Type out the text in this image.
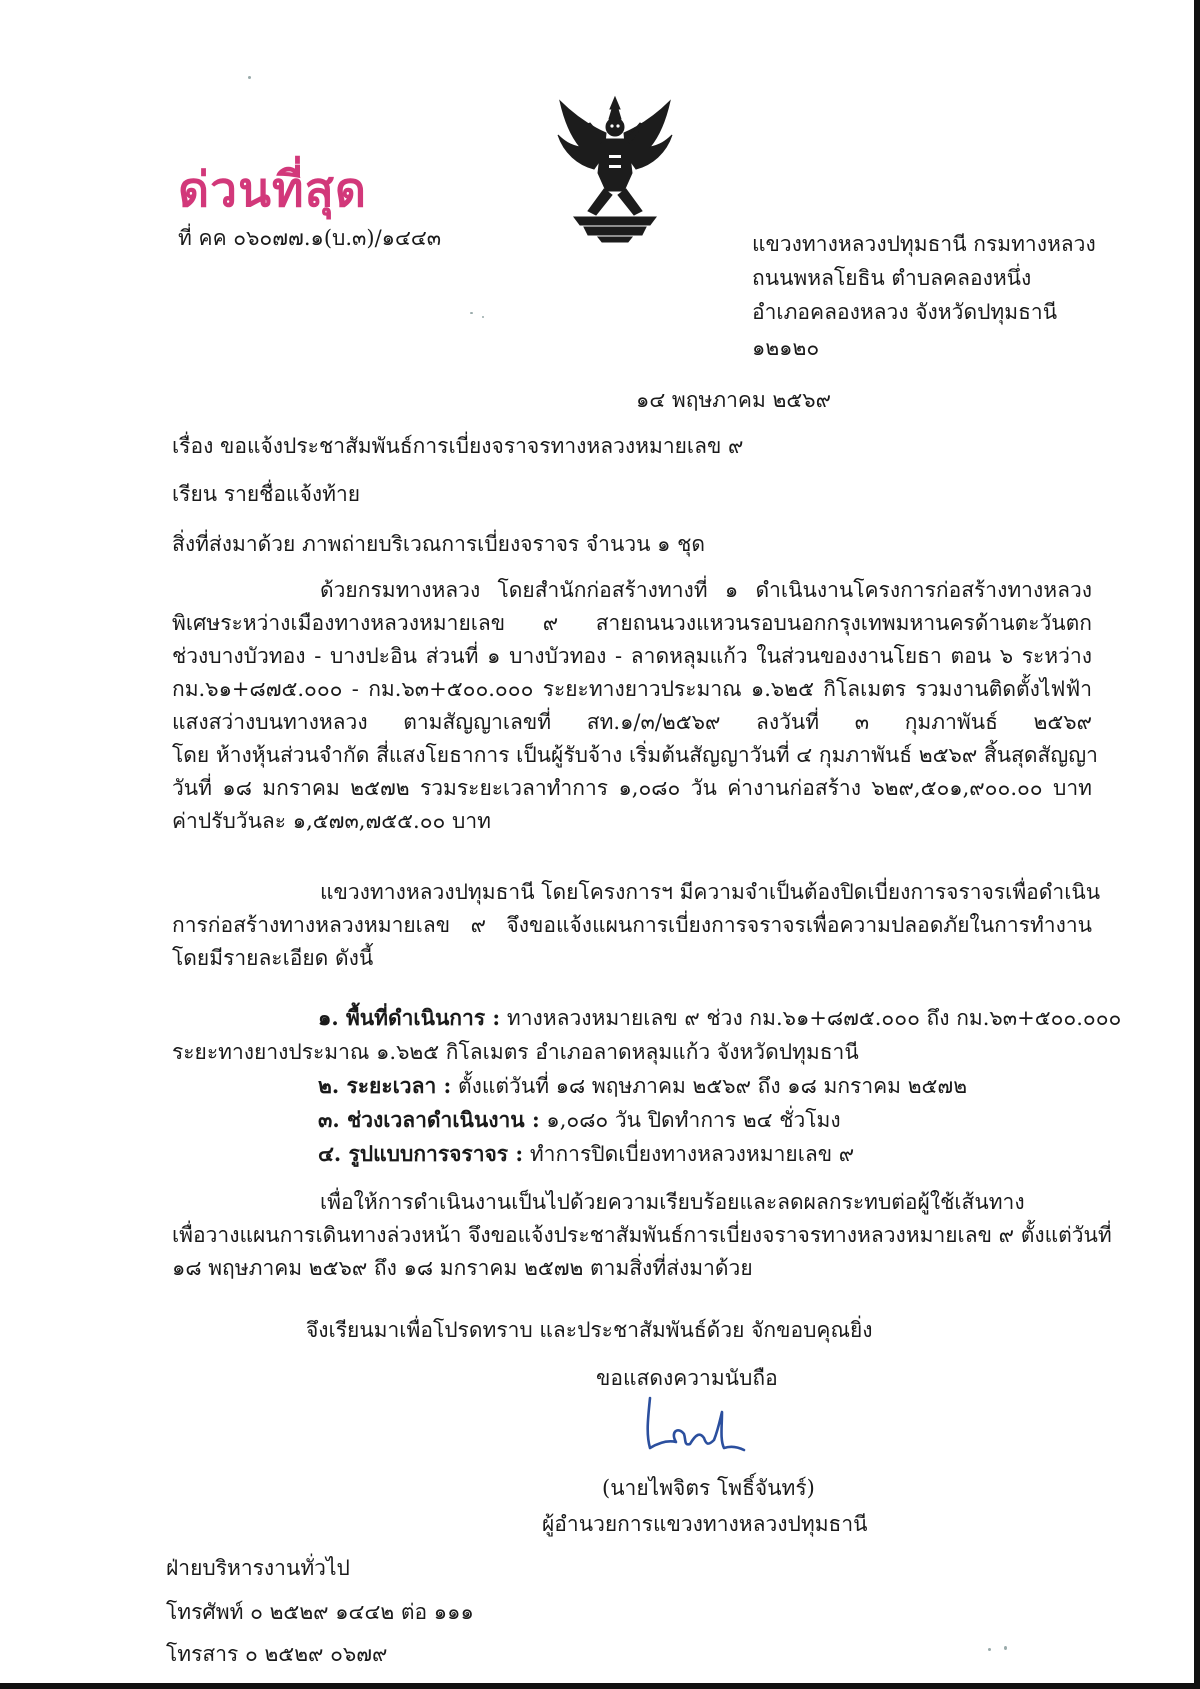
ด่วนที่สุด
ที่ คค ๐๖๐๗๗.๑(บ.๓)/๑๔๔๓	แขวงทางหลวงปทุมธานี กรมทางหลวง
ถนนพหลโยธิน ตำบลคลองหนึ่ง
อำเภอคลองหลวง จังหวัดปทุมธานี
๑๒๑๒๐
๑๔ พฤษภาคม ๒๕๖๙
เรื่อง ขอแจ้งประชาสัมพันธ์การเบี่ยงจราจรทางหลวงหมายเลข ๙
เรียน รายชื่อแจ้งท้าย
สิ่งที่ส่งมาด้วย ภาพถ่ายบริเวณการเบี่ยงจราจร จำนวน ๑ ชุด
ด้วยกรมทางหลวง โดยสำนักก่อสร้างทางที่ ๑ ดำเนินงานโครงการก่อสร้างทางหลวง
พิเศษระหว่างเมืองทางหลวงหมายเลข ๙ สายถนนวงแหวนรอบนอกกรุงเทพมหานครด้านตะวันตก
ช่วงบางบัวทอง - บางปะอิน ส่วนที่ ๑ บางบัวทอง - ลาดหลุมแก้ว ในส่วนของงานโยธา ตอน ๖ ระหว่าง
กม.๖๑+๘๗๕.๐๐๐ - กม.๖๓+๕๐๐.๐๐๐ ระยะทางยาวประมาณ ๑.๖๒๕ กิโลเมตร รวมงานติดตั้งไฟฟ้า
แสงสว่างบนทางหลวง ตามสัญญาเลขที่ สท.๑/๓/๒๕๖๙ ลงวันที่ ๓ กุมภาพันธ์ ๒๕๖๙
โดย ห้างหุ้นส่วนจำกัด สี่แสงโยธาการ เป็นผู้รับจ้าง เริ่มต้นสัญญาวันที่ ๔ กุมภาพันธ์ ๒๕๖๙ สิ้นสุดสัญญา
วันที่ ๑๘ มกราคม ๒๕๗๒ รวมระยะเวลาทำการ ๑,๐๘๐ วัน ค่างานก่อสร้าง ๖๒๙,๕๐๑,๙๐๐.๐๐ บาท
ค่าปรับวันละ ๑,๕๗๓,๗๕๕.๐๐ บาท
แขวงทางหลวงปทุมธานี โดยโครงการฯ มีความจำเป็นต้องปิดเบี่ยงการจราจรเพื่อดำเนิน
การก่อสร้างทางหลวงหมายเลข ๙ จึงขอแจ้งแผนการเบี่ยงการจราจรเพื่อความปลอดภัยในการทำงาน
โดยมีรายละเอียด ดังนี้
๑. พื้นที่ดำเนินการ : ทางหลวงหมายเลข ๙ ช่วง กม.๖๑+๘๗๕.๐๐๐ ถึง กม.๖๓+๕๐๐.๐๐๐
ระยะทางยางประมาณ ๑.๖๒๕ กิโลเมตร อำเภอลาดหลุมแก้ว จังหวัดปทุมธานี
๒. ระยะเวลา : ตั้งแต่วันที่ ๑๘ พฤษภาคม ๒๕๖๙ ถึง ๑๘ มกราคม ๒๕๗๒
๓. ช่วงเวลาดำเนินงาน : ๑,๐๘๐ วัน ปิดทำการ ๒๔ ชั่วโมง
๔. รูปแบบการจราจร : ทำการปิดเบี่ยงทางหลวงหมายเลข ๙
เพื่อให้การดำเนินงานเป็นไปด้วยความเรียบร้อยและลดผลกระทบต่อผู้ใช้เส้นทาง
เพื่อวางแผนการเดินทางล่วงหน้า จึงขอแจ้งประชาสัมพันธ์การเบี่ยงจราจรทางหลวงหมายเลข ๙ ตั้งแต่วันที่
๑๘ พฤษภาคม ๒๕๖๙ ถึง ๑๘ มกราคม ๒๕๗๒ ตามสิ่งที่ส่งมาด้วย
จึงเรียนมาเพื่อโปรดทราบ และประชาสัมพันธ์ด้วย จักขอบคุณยิ่ง
ขอแสดงความนับถือ
(นายไพจิตร โพธิ์จันทร์)
ผู้อำนวยการแขวงทางหลวงปทุมธานี
ฝ่ายบริหารงานทั่วไป
โทรศัพท์ ๐ ๒๕๒๙ ๑๔๔๒ ต่อ ๑๑๑
โทรสาร ๐ ๒๕๒๙ ๐๖๗๙
